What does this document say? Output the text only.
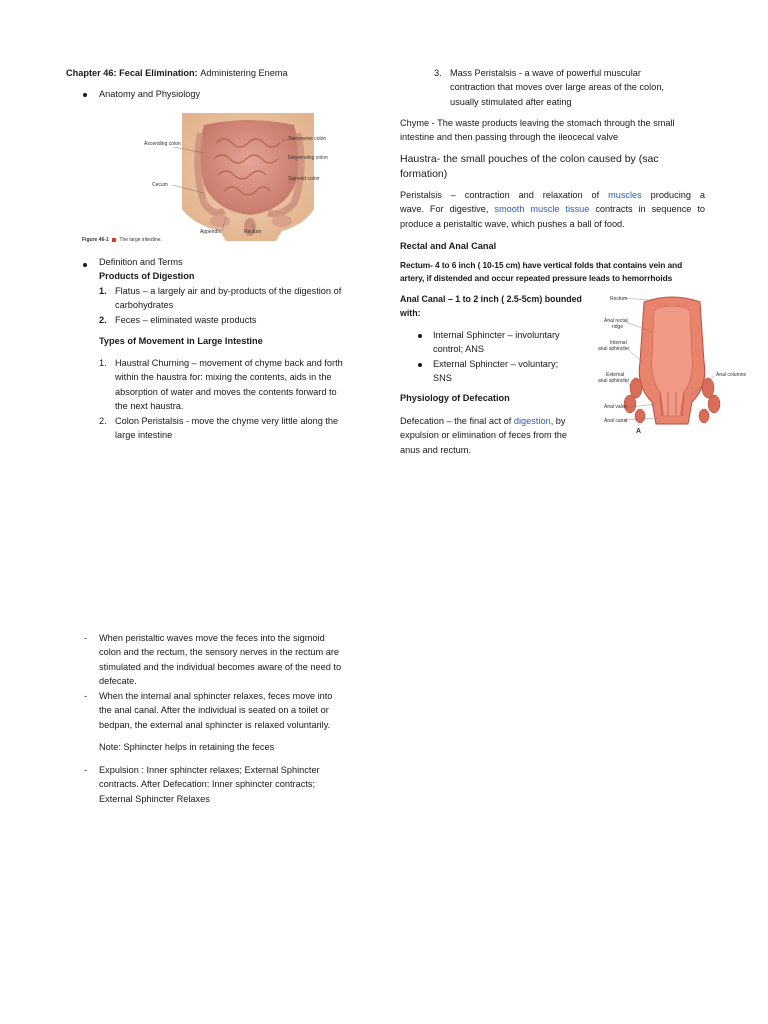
Chapter 46: Fecal Elimination: Administering Enema
Anatomy and Physiology
Ascending colon
Transverse colon
Descending colon
Sigmoid colon
Cecum
Appendix	Rectum
Figure 46-1 The large intestine.
Definition and Terms
Products of Digestion
1. Flatus – a largely air and by-products of the digestion of
carbohydrates
2. Feces – eliminated waste products
Types of Movement in Large Intestine
1. Haustral Churning – movement of chyme back and forth
within the haustra for: mixing the contents, aids in the
absorption of water and moves the contents forward to
the next haustra.
2. Colon Peristalsis - move the chyme very little along the
large intestine
3. Mass Peristalsis - a wave of powerful muscular
contraction that moves over large areas of the colon,
usually stimulated after eating
Chyme - The waste products leaving the stomach through the small
intestine and then passing through the ileocecal valve
Haustra- the small pouches of the colon caused by (sac
formation)
Peristalsis – contraction and relaxation of muscles producing a
wave. For digestive, smooth muscle tissue contracts in sequence to
produce a peristaltic wave, which pushes a ball of food.
Rectal and Anal Canal
Rectum- 4 to 6 inch ( 10-15 cm) have vertical folds that contains vein and
artery, if distended and occur repeated pressure leads to hemorrhoids
Anal Canal – 1 to 2 inch ( 2.5-5cm) bounded
with:
Internal Sphincter – involuntary
control; ANS
External Sphincter – voluntary;
SNS
Physiology of Defecation
Defecation – the final act of digestion, by
expulsion or elimination of feces from the
anus and rectum.
Rectum
Anal rectal
ridge
Internal
anal sphincter
External
anal sphincter
Anal valve
Anal canal
Anal columns
A
- When peristaltic waves move the feces into the sigmoid
colon and the rectum, the sensory nerves in the rectum are
stimulated and the individual becomes aware of the need to
defecate.
- When the internal anal sphincter relaxes, feces move into
the anal canal. After the individual is seated on a toilet or
bedpan, the external anal sphincter is relaxed voluntarily.
Note: Sphincter helps in retaining the feces
- Expulsion : Inner sphincter relaxes; External Sphincter
contracts. After Defecation: Inner sphincter contracts;
External Sphincter Relaxes
